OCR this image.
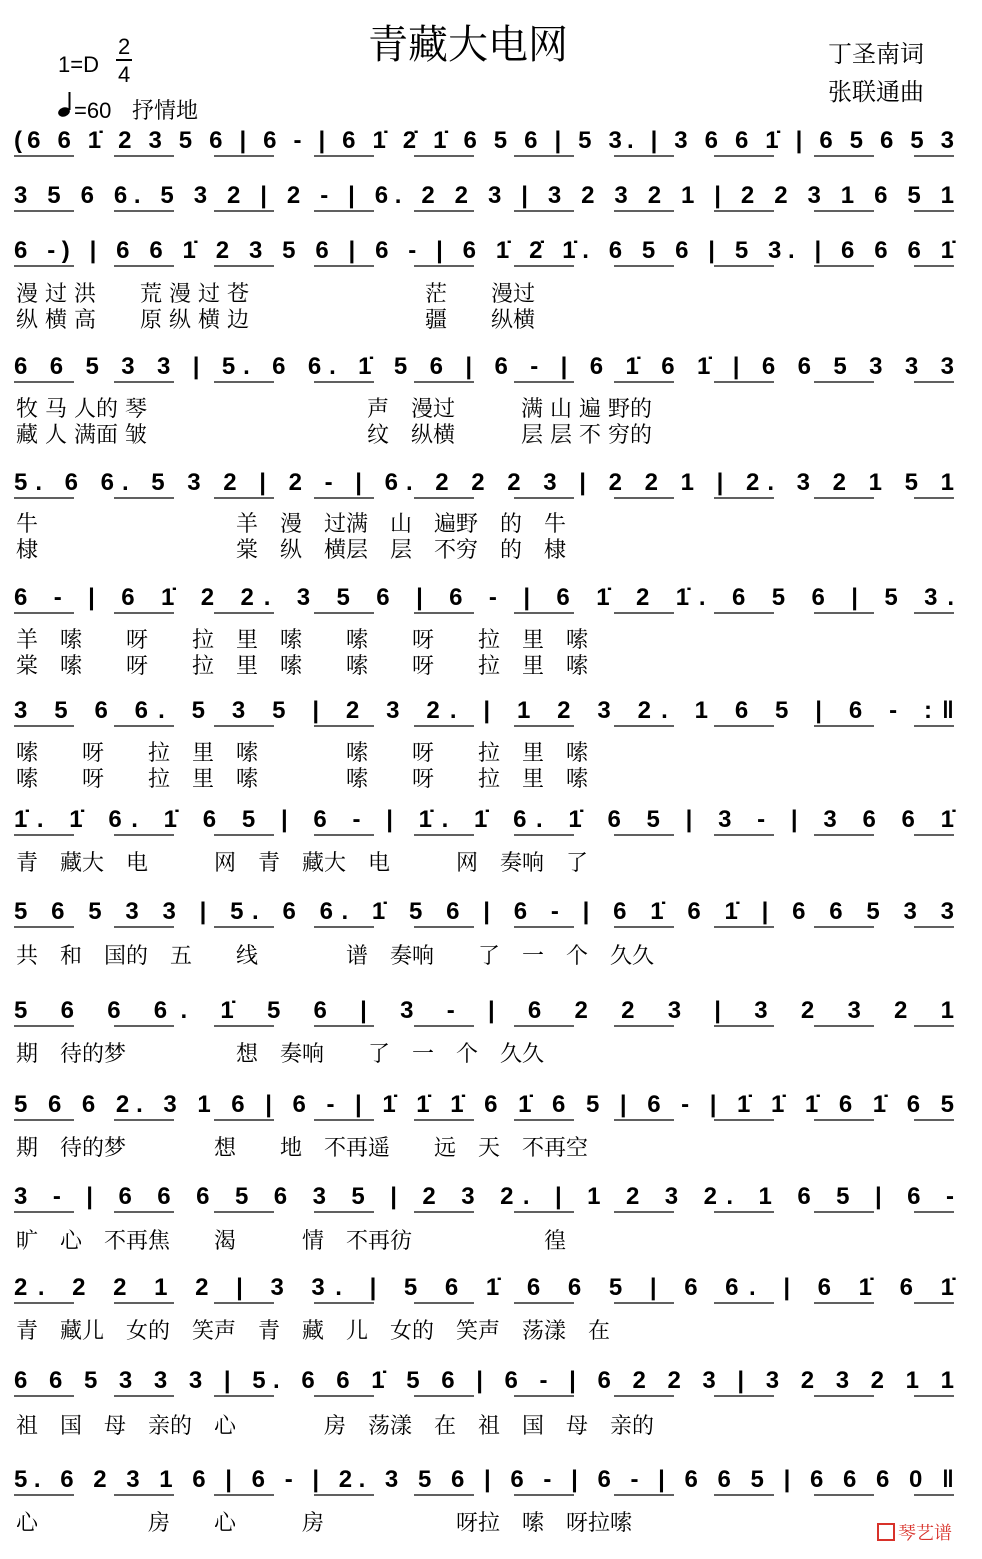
青藏大电网
1=D
2
4
=60 抒情地
丁圣南词
张联通曲
(6 6 1̇ 2 3 5 6 | 6 - | 6 1̇ 2̇ 1̇ 6 5 6 | 5 3. | 3 6 6 1̇ | 6 5 6 5 3
3 5 6 6. 5 3 2 | 2 - | 6. 2 2 3 | 3 2 3 2 1 | 2 2 3 1 6 5 1
6 -) | 6 6 1̇ 2 3 5 6 | 6 - | 6 1̇ 2̇ 1̇. 6 5 6 | 5 3. | 6 6 6 1̇
漫 过 洪　　荒 漫 过 苍　　　　　　　　茫　　漫过
纵 横 高　　原 纵 横 边　　　　　　　　疆　　纵横
6 6 5 3 3 | 5. 6 6. 1̇ 5 6 | 6 - | 6 1̇ 6 1̇ | 6 6 5 3 3 3
牧 马 人的 琴　　　　　　　　　　声　漫过　　　满 山 遍 野的
藏 人 满面 皱　　　　　　　　　　纹　纵横　　　层 层 不 穷的
5. 6 6. 5 3 2 | 2 - | 6. 2 2 2 3 | 2 2 1 | 2. 3 2 1 5 1
牛　　　　　　　　　羊　漫　过满　山　遍野　的　牛
棣　　　　　　　　　棠　纵　横层　层　不穷　的　棣
6 - | 6 1̇ 2 2. 3 5 6 | 6 - | 6 1̇ 2 1̇. 6 5 6 | 5 3.
羊　嗦　　呀　　拉　里　嗦　　嗦　　呀　　拉　里　嗦
棠　嗦　　呀　　拉　里　嗦　　嗦　　呀　　拉　里　嗦
3 5 6 6. 5 3 5 | 2 3 2. | 1 2 3 2. 1 6 5 | 6 - :‖
嗦　　呀　　拉　里　嗦　　　　嗦　　呀　　拉　里　嗦
嗦　　呀　　拉　里　嗦　　　　嗦　　呀　　拉　里　嗦
1̇. 1̇ 6. 1̇ 6 5 | 6 - | 1̇. 1̇ 6. 1̇ 6 5 | 3 - | 3 6 6 1̇
青　藏大　电　　　网　青　藏大　电　　　网　奏响　了
5 6 5 3 3 | 5. 6 6. 1̇ 5 6 | 6 - | 6 1̇ 6 1̇ | 6 6 5 3 3
共　和　国的　五　　线　　　　谱　奏响　　了　一　个　久久
5 6 6 6. 1̇ 5 6 | 3 - | 6 2 2 3 | 3 2 3 2 1
期　待的梦　　　　　想　奏响　　了　一　个　久久
5 6 6 2. 3 1 6 | 6 - | 1̇ 1̇ 1̇ 6 1̇ 6 5 | 6 - | 1̇ 1̇ 1̇ 6 1̇ 6 5
期　待的梦　　　　想　　地　不再遥　　远　天　不再空
3 - | 6 6 6 5 6 3 5 | 2 3 2. | 1 2 3 2. 1 6 5 | 6 -
旷　心　不再焦　　渴　　　情　不再彷　　　　　　徨
2. 2 2 1 2 | 3 3. | 5 6 1̇ 6 6 5 | 6 6. | 6 1̇ 6 1̇
青　藏儿　女的　笑声　青　藏　儿　女的　笑声　荡漾　在
6 6 5 3 3 3 | 5. 6 6 1̇ 5 6 | 6 - | 6 2 2 3 | 3 2 3 2 1 1
祖　国　母　亲的　心　　　　房　荡漾　在　祖　国　母　亲的
5. 6 2 3 1 6 | 6 - | 2. 3 5 6 | 6 - | 6 - | 6 6 5 | 6 6 6 0 ‖
心　　　　　房　　心　　　房　　　　　　呀拉　嗦　呀拉嗦	琴艺谱
